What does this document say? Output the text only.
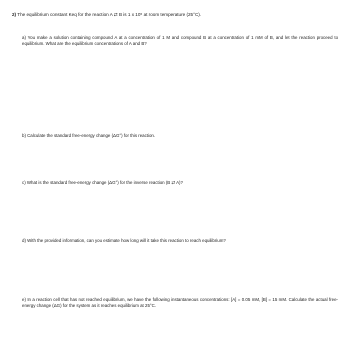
2) The equilibrium constant Keq for the reaction A ⇄ B is 1 x 10⁵ at room temperature (25°C).
a) You make a solution containing compound A at a concentration of 1 M and compound B at a concentration of 1 mM of B, and let the reaction proceed to equilibrium. What are the equilibrium concentrations of A and B?
b) Calculate the standard free-energy change (ΔG°) for this reaction.
c) What is the standard free-energy change (ΔG°) for the inverse reaction (B ⇄ A)?
d) With the provided information, can you estimate how long will it take this reaction to reach equilibrium?
e) In a reaction cell that has not reached equilibrium, we have the following instantaneous concentrations: [A] = 0.05 mM, [B] = 15 mM. Calculate the actual free-energy change (ΔG) for the system as it reaches equilibrium at 25°C.
